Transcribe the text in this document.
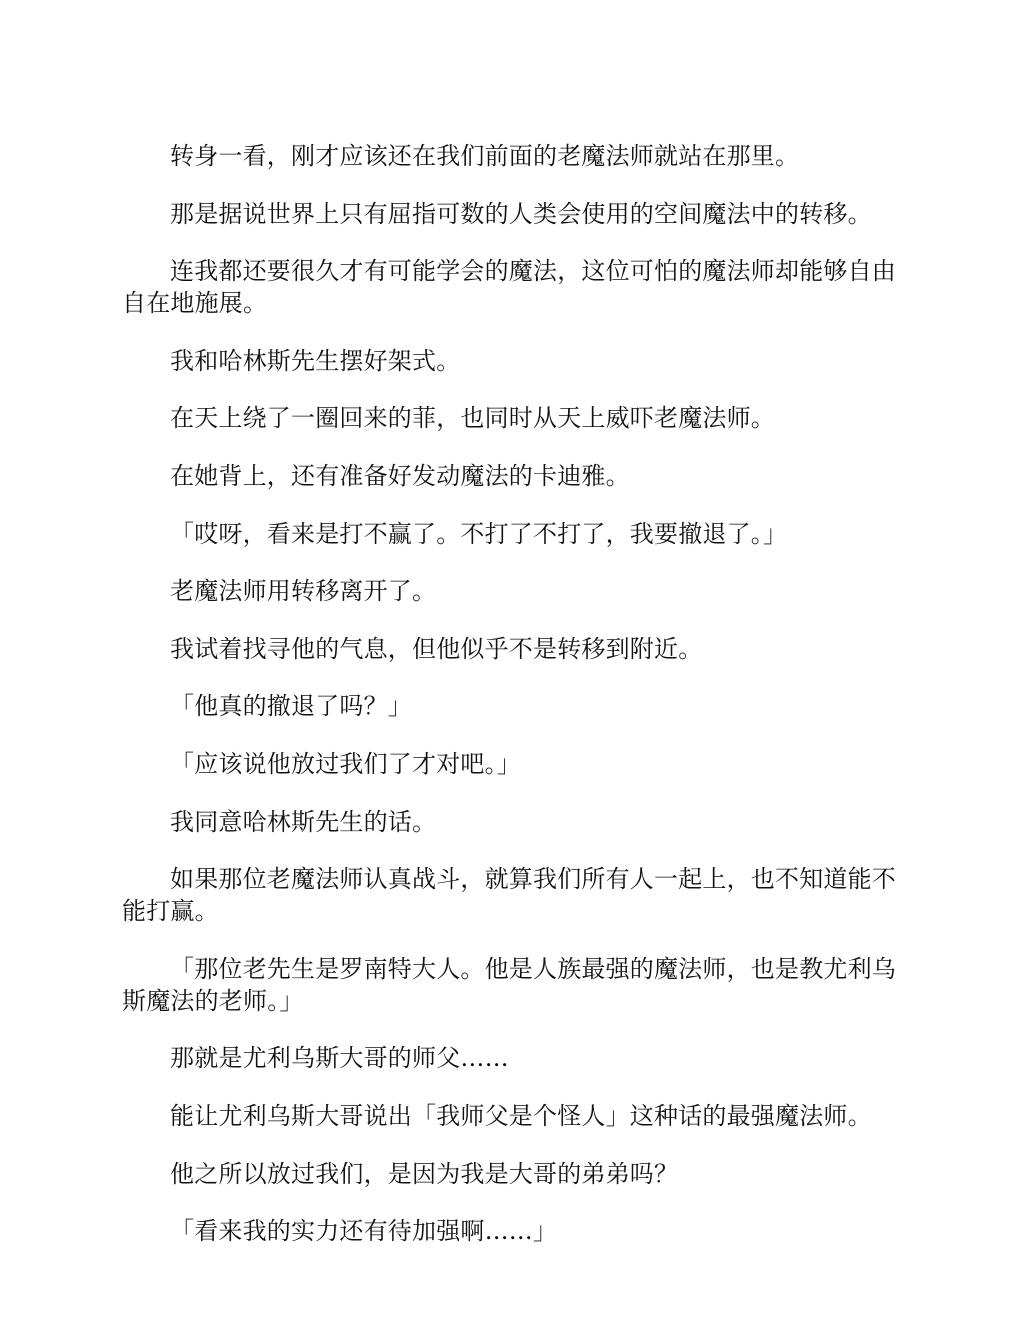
转身一看，刚才应该还在我们前面的老魔法师就站在那里。

那是据说世界上只有屈指可数的人类会使用的空间魔法中的转移。

连我都还要很久才有可能学会的魔法，这位可怕的魔法师却能够自由自在地施展。

我和哈林斯先生摆好架式。

在天上绕了一圈回来的菲，也同时从天上威吓老魔法师。

在她背上，还有准备好发动魔法的卡迪雅。

「哎呀，看来是打不赢了。不打了不打了，我要撤退了。」

老魔法师用转移离开了。

我试着找寻他的气息，但他似乎不是转移到附近。

「他真的撤退了吗？」

「应该说他放过我们了才对吧。」

我同意哈林斯先生的话。

如果那位老魔法师认真战斗，就算我们所有人一起上，也不知道能不能打赢。

「那位老先生是罗南特大人。他是人族最强的魔法师，也是教尤利乌斯魔法的老师。」

那就是尤利乌斯大哥的师父……

能让尤利乌斯大哥说出「我师父是个怪人」这种话的最强魔法师。

他之所以放过我们，是因为我是大哥的弟弟吗？

「看来我的实力还有待加强啊……」
